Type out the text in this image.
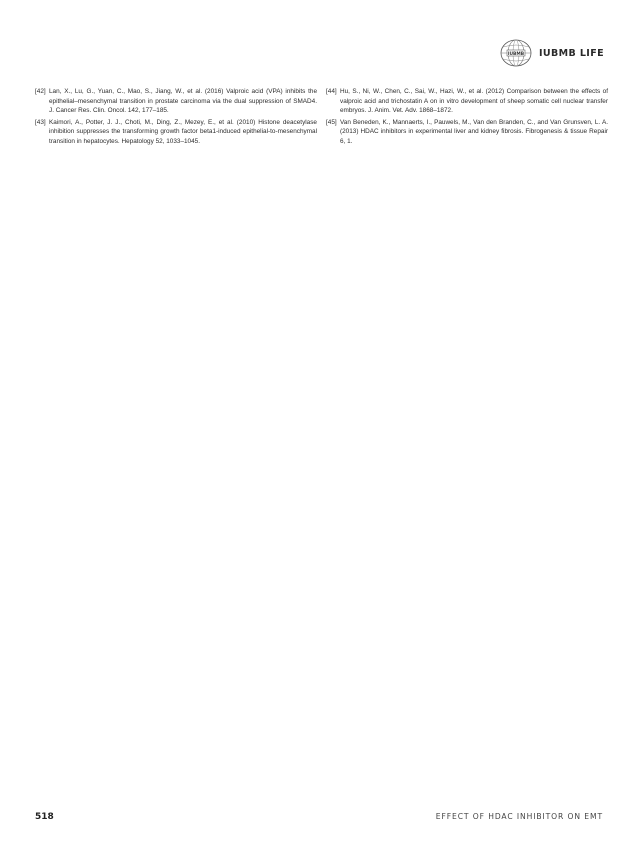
IUBMB IUBMB LIFE
[42] Lan, X., Lu, G., Yuan, C., Mao, S., Jiang, W., et al. (2016) Valproic acid (VPA) inhibits the epithelial–mesenchymal transition in prostate carcinoma via the dual suppression of SMAD4. J. Cancer Res. Clin. Oncol. 142, 177–185.
[43] Kaimori, A., Potter, J. J., Choti, M., Ding, Z., Mezey, E., et al. (2010) Histone deacetylase inhibition suppresses the transforming growth factor beta1-induced epithelial-to-mesenchymal transition in hepatocytes. Hepatology 52, 1033–1045.
[44] Hu, S., Ni, W., Chen, C., Sai, W., Hazi, W., et al. (2012) Comparison between the effects of valproic acid and trichostatin A on in vitro development of sheep somatic cell nuclear transfer embryos. J. Anim. Vet. Adv. 1868–1872.
[45] Van Beneden, K., Mannaerts, I., Pauwels, M., Van den Branden, C., and Van Grunsven, L. A. (2013) HDAC inhibitors in experimental liver and kidney fibrosis. Fibrogenesis & tissue Repair 6, 1.
518	EFFECT OF HDAC INHIBITOR ON EMT
